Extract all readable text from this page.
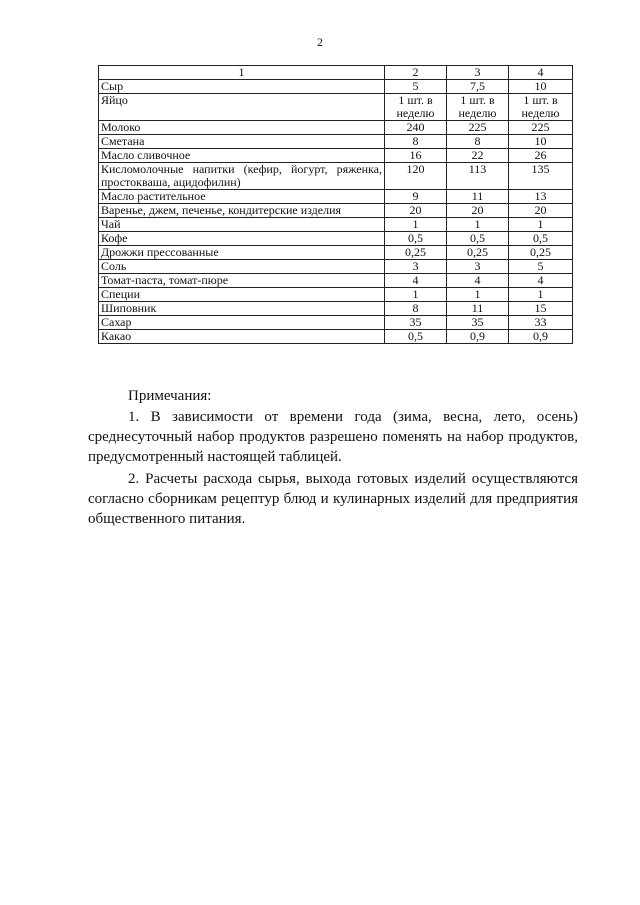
2
1	2	3	4
Сыр	5	7,5	10
Яйцо	1 шт. в неделю	1 шт. в неделю	1 шт. в неделю
Молоко	240	225	225
Сметана	8	8	10
Масло сливочное	16	22	26
Кисломолочные напитки (кефир, йогурт, ряженка, простокваша, ацидофилин)	120	113	135
Масло растительное	9	11	13
Варенье, джем, печенье, кондитерские изделия	20	20	20
Чай	1	1	1
Кофе	0,5	0,5	0,5
Дрожжи прессованные	0,25	0,25	0,25
Соль	3	3	5
Томат-паста, томат-пюре	4	4	4
Специи	1	1	1
Шиповник	8	11	15
Сахар	35	35	33
Какао	0,5	0,9	0,9

Примечания:

1. В зависимости от времени года (зима, весна, лето, осень) среднесуточный набор продуктов разрешено поменять на набор продуктов, предусмотренный настоящей таблицей.

2. Расчеты расхода сырья, выхода готовых изделий осуществляются согласно сборникам рецептур блюд и кулинарных изделий для предприятия общественного питания.
